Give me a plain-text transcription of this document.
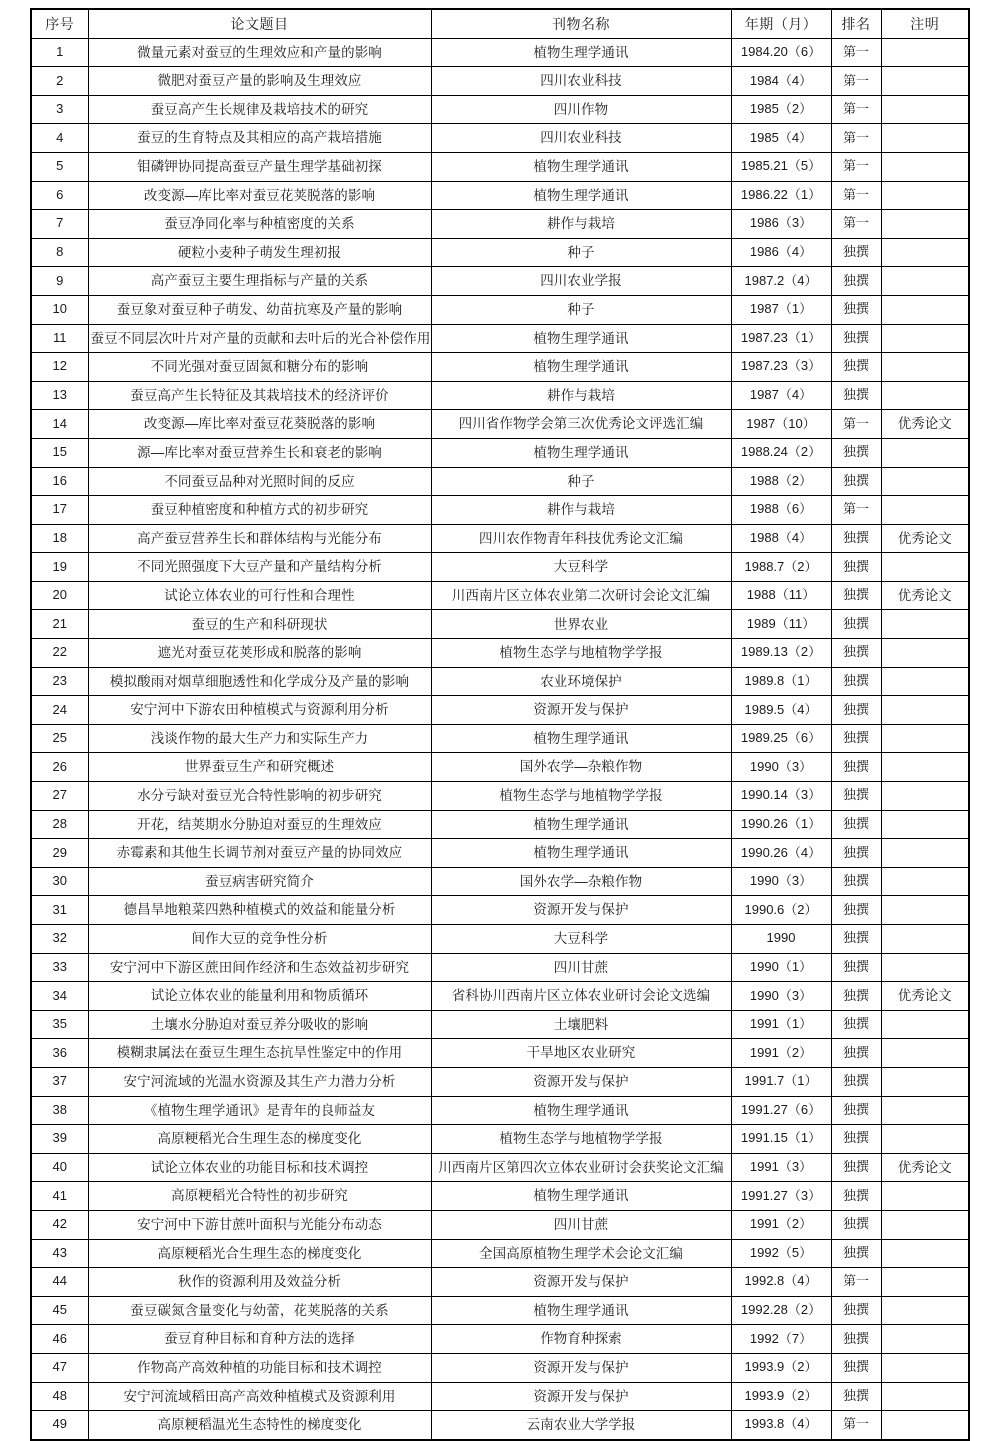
序号	论文题目	刊物名称	年期（月）	排名	注明
1	微量元素对蚕豆的生理效应和产量的影响	植物生理学通讯	1984.20（6）	第一	
2	微肥对蚕豆产量的影响及生理效应	四川农业科技	1984（4）	第一	
3	蚕豆高产生长规律及栽培技术的研究	四川作物	1985（2）	第一	
4	蚕豆的生育特点及其相应的高产栽培措施	四川农业科技	1985（4）	第一	
5	钼磷钾协同提高蚕豆产量生理学基础初探	植物生理学通讯	1985.21（5）	第一	
6	改变源—库比率对蚕豆花荚脱落的影响	植物生理学通讯	1986.22（1）	第一	
7	蚕豆净同化率与种植密度的关系	耕作与栽培	1986（3）	第一	
8	硬粒小麦种子萌发生理初报	种子	1986（4）	独撰	
9	高产蚕豆主要生理指标与产量的关系	四川农业学报	1987.2（4）	独撰	
10	蚕豆象对蚕豆种子萌发、幼苗抗寒及产量的影响	种子	1987（1）	独撰	
11	蚕豆不同层次叶片对产量的贡献和去叶后的光合补偿作用	植物生理学通讯	1987.23（1）	独撰	
12	不同光强对蚕豆固氮和糖分布的影响	植物生理学通讯	1987.23（3）	独撰	
13	蚕豆高产生长特征及其栽培技术的经济评价	耕作与栽培	1987（4）	独撰	
14	改变源—库比率对蚕豆花葵脱落的影响	四川省作物学会第三次优秀论文评选汇编	1987（10）	第一	优秀论文
15	源—库比率对蚕豆营养生长和衰老的影响	植物生理学通讯	1988.24（2）	独撰	
16	不同蚕豆品种对光照时间的反应	种子	1988（2）	独撰	
17	蚕豆种植密度和种植方式的初步研究	耕作与栽培	1988（6）	第一	
18	高产蚕豆营养生长和群体结构与光能分布	四川农作物青年科技优秀论文汇编	1988（4）	独撰	优秀论文
19	不同光照强度下大豆产量和产量结构分析	大豆科学	1988.7（2）	独撰	
20	试论立体农业的可行性和合理性	川西南片区立体农业第二次研讨会论文汇编	1988（11）	独撰	优秀论文
21	蚕豆的生产和科研现状	世界农业	1989（11）	独撰	
22	遮光对蚕豆花荚形成和脱落的影响	植物生态学与地植物学学报	1989.13（2）	独撰	
23	模拟酸雨对烟草细胞透性和化学成分及产量的影响	农业环境保护	1989.8（1）	独撰	
24	安宁河中下游农田种植模式与资源利用分析	资源开发与保护	1989.5（4）	独撰	
25	浅谈作物的最大生产力和实际生产力	植物生理学通讯	1989.25（6）	独撰	
26	世界蚕豆生产和研究概述	国外农学—杂粮作物	1990（3）	独撰	
27	水分亏缺对蚕豆光合特性影响的初步研究	植物生态学与地植物学学报	1990.14（3）	独撰	
28	开花，结荚期水分胁迫对蚕豆的生理效应	植物生理学通讯	1990.26（1）	独撰	
29	赤霉素和其他生长调节剂对蚕豆产量的协同效应	植物生理学通讯	1990.26（4）	独撰	
30	蚕豆病害研究简介	国外农学—杂粮作物	1990（3）	独撰	
31	德昌旱地粮菜四熟种植模式的效益和能量分析	资源开发与保护	1990.6（2）	独撰	
32	间作大豆的竞争性分析	大豆科学	1990	独撰	
33	安宁河中下游区蔗田间作经济和生态效益初步研究	四川甘蔗	1990（1）	独撰	
34	试论立体农业的能量利用和物质循环	省科协川西南片区立体农业研讨会论文选编	1990（3）	独撰	优秀论文
35	土壤水分胁迫对蚕豆养分吸收的影响	土壤肥料	1991（1）	独撰	
36	模糊隶属法在蚕豆生理生态抗旱性鉴定中的作用	干旱地区农业研究	1991（2）	独撰	
37	安宁河流域的光温水资源及其生产力潜力分析	资源开发与保护	1991.7（1）	独撰	
38	《植物生理学通讯》是青年的良师益友	植物生理学通讯	1991.27（6）	独撰	
39	高原粳稻光合生理生态的梯度变化	植物生态学与地植物学学报	1991.15（1）	独撰	
40	试论立体农业的功能目标和技术调控	川西南片区第四次立体农业研讨会获奖论文汇编	1991（3）	独撰	优秀论文
41	高原粳稻光合特性的初步研究	植物生理学通讯	1991.27（3）	独撰	
42	安宁河中下游甘蔗叶面积与光能分布动态	四川甘蔗	1991（2）	独撰	
43	高原粳稻光合生理生态的梯度变化	全国高原植物生理学术会论文汇编	1992（5）	独撰	
44	秋作的资源利用及效益分析	资源开发与保护	1992.8（4）	第一	
45	蚕豆碳氮含量变化与幼蕾，花荚脱落的关系	植物生理学通讯	1992.28（2）	独撰	
46	蚕豆育种目标和育种方法的选择	作物育种探索	1992（7）	独撰	
47	作物高产高效种植的功能目标和技术调控	资源开发与保护	1993.9（2）	独撰	
48	安宁河流域稻田高产高效种植模式及资源利用	资源开发与保护	1993.9（2）	独撰	
49	高原粳稻温光生态特性的梯度变化	云南农业大学学报	1993.8（4）	第一	
